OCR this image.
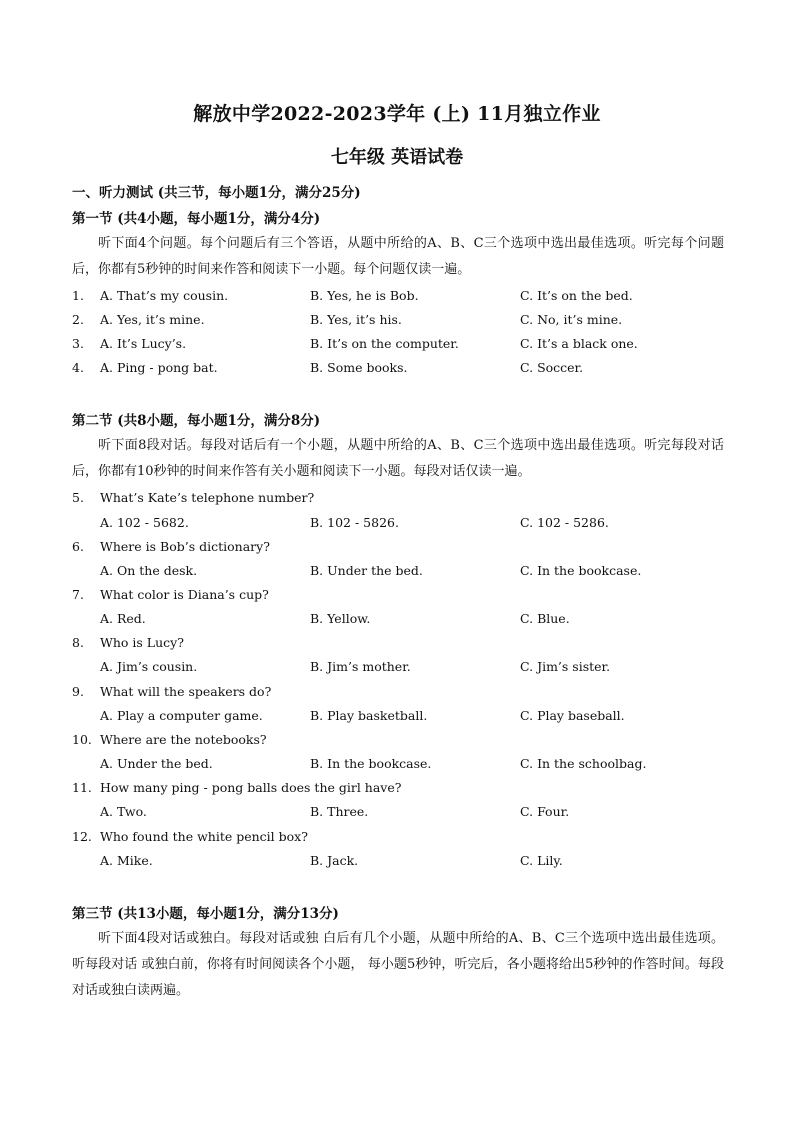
解放中学2022-2023学年 (上) 11月独立作业
七年级 英语试卷
一、听力测试 (共三节，每小题1分，满分25分)
第一节 (共4小题，每小题1分，满分4分)
听下面4个问题。每个问题后有三个答语，从题中所给的A、B、C三个选项中选出最佳选项。听完每个问题后，你都有5秒钟的时间来作答和阅读下一小题。每个问题仅读一遍。
1. A. That’s my cousin.	B. Yes, he is Bob.	C. It’s on the bed.
2. A. Yes, it’s mine.	B. Yes, it’s his.	C. No, it’s mine.
3. A. It’s Lucy’s.	B. It’s on the computer.	C. It’s a black one.
4. A. Ping - pong bat.	B. Some books.	C. Soccer.
第二节 (共8小题，每小题1分，满分8分)
听下面8段对话。每段对话后有一个小题，从题中所给的A、B、C三个选项中选出最佳选项。听完每段对话后，你都有10秒钟的时间来作答有关小题和阅读下一小题。每段对话仅读一遍。
5. What’s Kate’s telephone number?
A. 102 - 5682.	B. 102 - 5826.	C. 102 - 5286.
6. Where is Bob’s dictionary?
A. On the desk.	B. Under the bed.	C. In the bookcase.
7. What color is Diana’s cup?
A. Red.	B. Yellow.	C. Blue.
8. Who is Lucy?
A. Jim’s cousin.	B. Jim’s mother.	C. Jim’s sister.
9. What will the speakers do?
A. Play a computer game.	B. Play basketball.	C. Play baseball.
10. Where are the notebooks?
A. Under the bed.	B. In the bookcase.	C. In the schoolbag.
11. How many ping - pong balls does the girl have?
A. Two.	B. Three.	C. Four.
12. Who found the white pencil box?
A. Mike.	B. Jack.	C. Lily.
第三节 (共13小题，每小题1分，满分13分)
听下面4段对话或独白。每段对话或独 白后有几个小题，从题中所给的A、B、C三个选项中选出最佳选项。听每段对话 或独白前，你将有时间阅读各个小题， 每小题5秒钟，听完后，各小题将给出5秒钟的作答时间。每段对话或独白读两遍。
